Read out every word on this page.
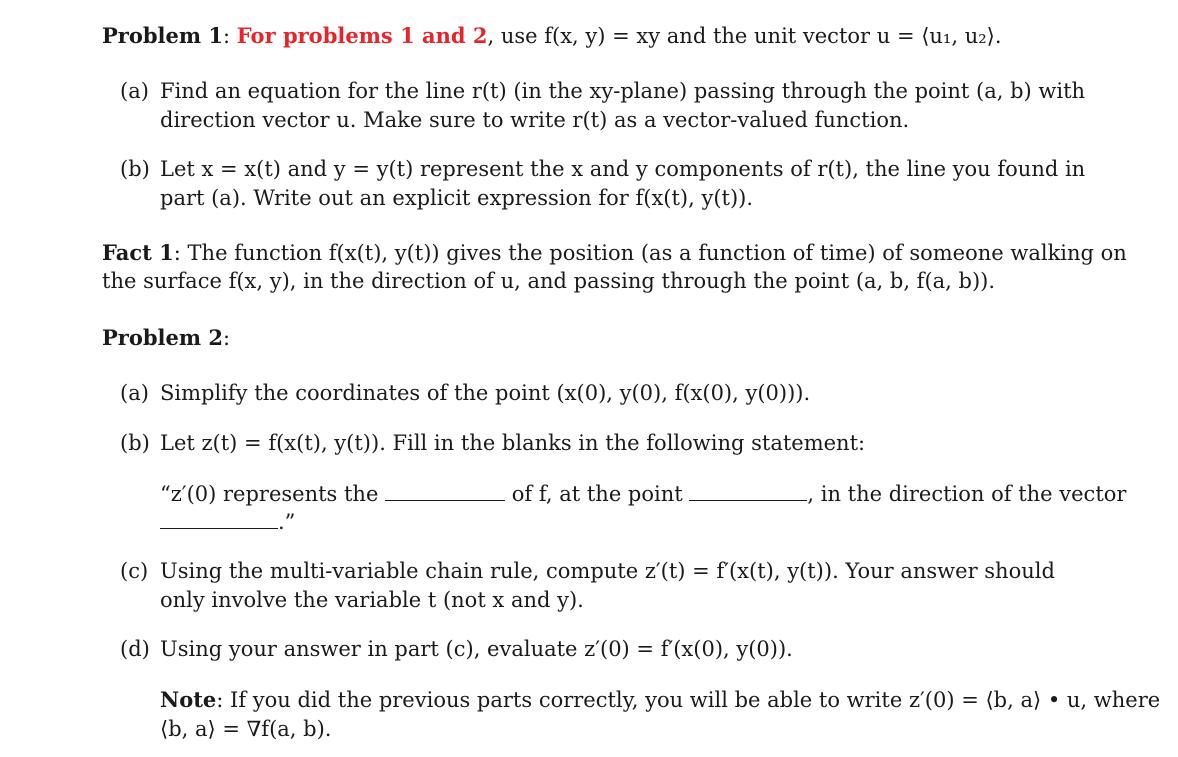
Problem 1: For problems 1 and 2, use f(x, y) = xy and the unit vector u = ⟨u₁, u₂⟩.
(a) Find an equation for the line r(t) (in the xy-plane) passing through the point (a, b) with
direction vector u. Make sure to write r(t) as a vector-valued function.
(b) Let x = x(t) and y = y(t) represent the x and y components of r(t), the line you found in
part (a). Write out an explicit expression for f(x(t), y(t)).
Fact 1: The function f(x(t), y(t)) gives the position (as a function of time) of someone walking on
the surface f(x, y), in the direction of u, and passing through the point (a, b, f(a, b)).
Problem 2:
(a) Simplify the coordinates of the point (x(0), y(0), f(x(0), y(0))).
(b) Let z(t) = f(x(t), y(t)). Fill in the blanks in the following statement:
“z′(0) represents the	of f, at the point	, in the direction of the vector
.”
(c) Using the multi-variable chain rule, compute z′(t) = f′(x(t), y(t)). Your answer should
only involve the variable t (not x and y).
(d) Using your answer in part (c), evaluate z′(0) = f′(x(0), y(0)).
Note: If you did the previous parts correctly, you will be able to write z′(0) = ⟨b, a⟩ • u, where
⟨b, a⟩ = ∇f(a, b).
